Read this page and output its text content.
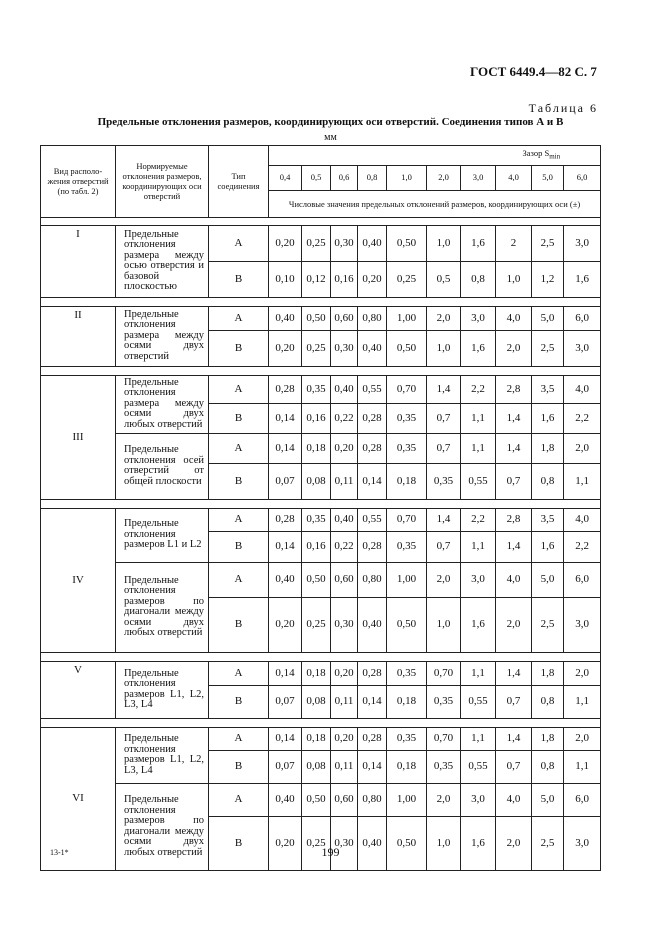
ГОСТ 6449.4—82 С. 7
Таблица 6
Предельные отклонения размеров, координирующих оси отверстий. Соединения типов А и В
мм
Вид располо-жения отверстий (по табл. 2)	Нормируемые отклонения размеров, координирующих оси отверстий	Тип соединения	Зазор $S_{min}$
			0,4	0,5	0,6	0,8	1,0	2,0	3,0	4,0	5,0	6,0
			Числовые значения предельных отклонений размеров, координирующих оси (±)									

I	Предельные отклонения размера между осью отверстия и базовой плоскостью	А	0,20	0,25	0,30	0,40	0,50	1,0	1,6	2	2,5	3,0
		В	0,10	0,12	0,16	0,20	0,25	0,5	0,8	1,0	1,2	1,6

II	Предельные отклонения размера между осями двух отверстий	А	0,40	0,50	0,60	0,80	1,00	2,0	3,0	4,0	5,0	6,0
		В	0,20	0,25	0,30	0,40	0,50	1,0	1,6	2,0	2,5	3,0

III	Предельные отклонения размера между осями двух любых отверстий	А	0,28	0,35	0,40	0,55	0,70	1,4	2,2	2,8	3,5	4,0
		В	0,14	0,16	0,22	0,28	0,35	0,7	1,1	1,4	1,6	2,2
	Предельные отклонения осей отверстий от общей плоскости	А	0,14	0,18	0,20	0,28	0,35	0,7	1,1	1,4	1,8	2,0
		В	0,07	0,08	0,11	0,14	0,18	0,35	0,55	0,7	0,8	1,1

IV	Предельные отклонения размеров L1 и L2	А	0,28	0,35	0,40	0,55	0,70	1,4	2,2	2,8	3,5	4,0
		В	0,14	0,16	0,22	0,28	0,35	0,7	1,1	1,4	1,6	2,2
	Предельные отклонения размеров по диагонали между осями двух любых отверстий	А	0,40	0,50	0,60	0,80	1,00	2,0	3,0	4,0	5,0	6,0
		В	0,20	0,25	0,30	0,40	0,50	1,0	1,6	2,0	2,5	3,0

V	Предельные отклонения размеров L1, L2, L3, L4	А	0,14	0,18	0,20	0,28	0,35	0,70	1,1	1,4	1,8	2,0
		В	0,07	0,08	0,11	0,14	0,18	0,35	0,55	0,7	0,8	1,1

VI	Предельные отклонения размеров L1, L2, L3, L4	А	0,14	0,18	0,20	0,28	0,35	0,70	1,1	1,4	1,8	2,0
		В	0,07	0,08	0,11	0,14	0,18	0,35	0,55	0,7	0,8	1,1
	Предельные отклонения размеров по диагонали между осями двух любых отверстий	А	0,40	0,50	0,60	0,80	1,00	2,0	3,0	4,0	5,0	6,0
		В	0,20	0,25	0,30	0,40	0,50	1,0	1,6	2,0	2,5	3,0
13-1*	199
